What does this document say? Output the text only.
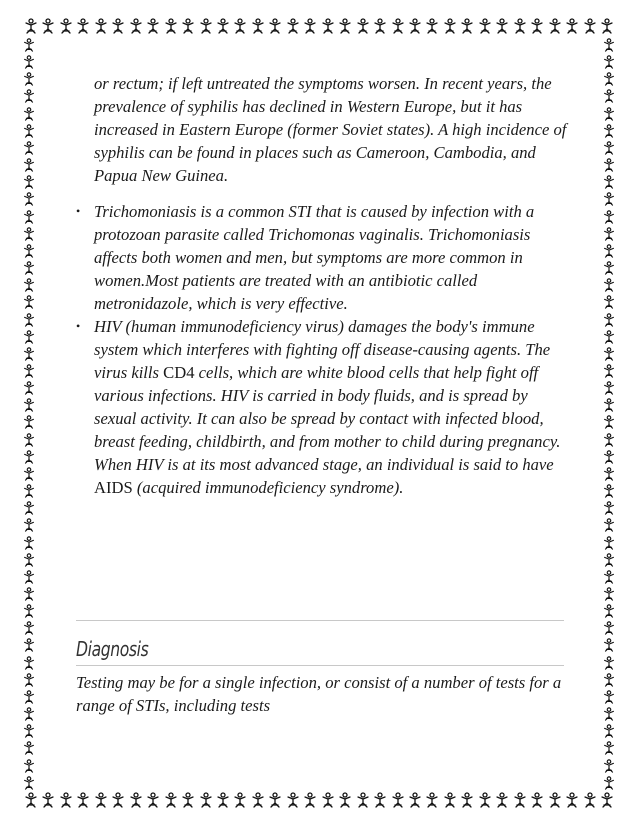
or rectum; if left untreated the symptoms worsen. In recent years, the prevalence of syphilis has declined in Western Europe, but it has increased in Eastern Europe (former Soviet states). A high incidence of syphilis can be found in places such as Cameroon, Cambodia, and Papua New Guinea.

• Trichomoniasis is a common STI that is caused by infection with a protozoan parasite called Trichomonas vaginalis. Trichomoniasis affects both women and men, but symptoms are more common in women.Most patients are treated with an antibiotic called metronidazole, which is very effective.
• HIV (human immunodeficiency virus) damages the body's immune system which interferes with fighting off disease-causing agents. The virus kills CD4 cells, which are white blood cells that help fight off various infections. HIV is carried in body fluids, and is spread by sexual activity. It can also be spread by contact with infected blood, breast feeding, childbirth, and from mother to child during pregnancy. When HIV is at its most advanced stage, an individual is said to have AIDS (acquired immunodeficiency syndrome).
Diagnosis

Testing may be for a single infection, or consist of a number of tests for a range of STIs, including tests
